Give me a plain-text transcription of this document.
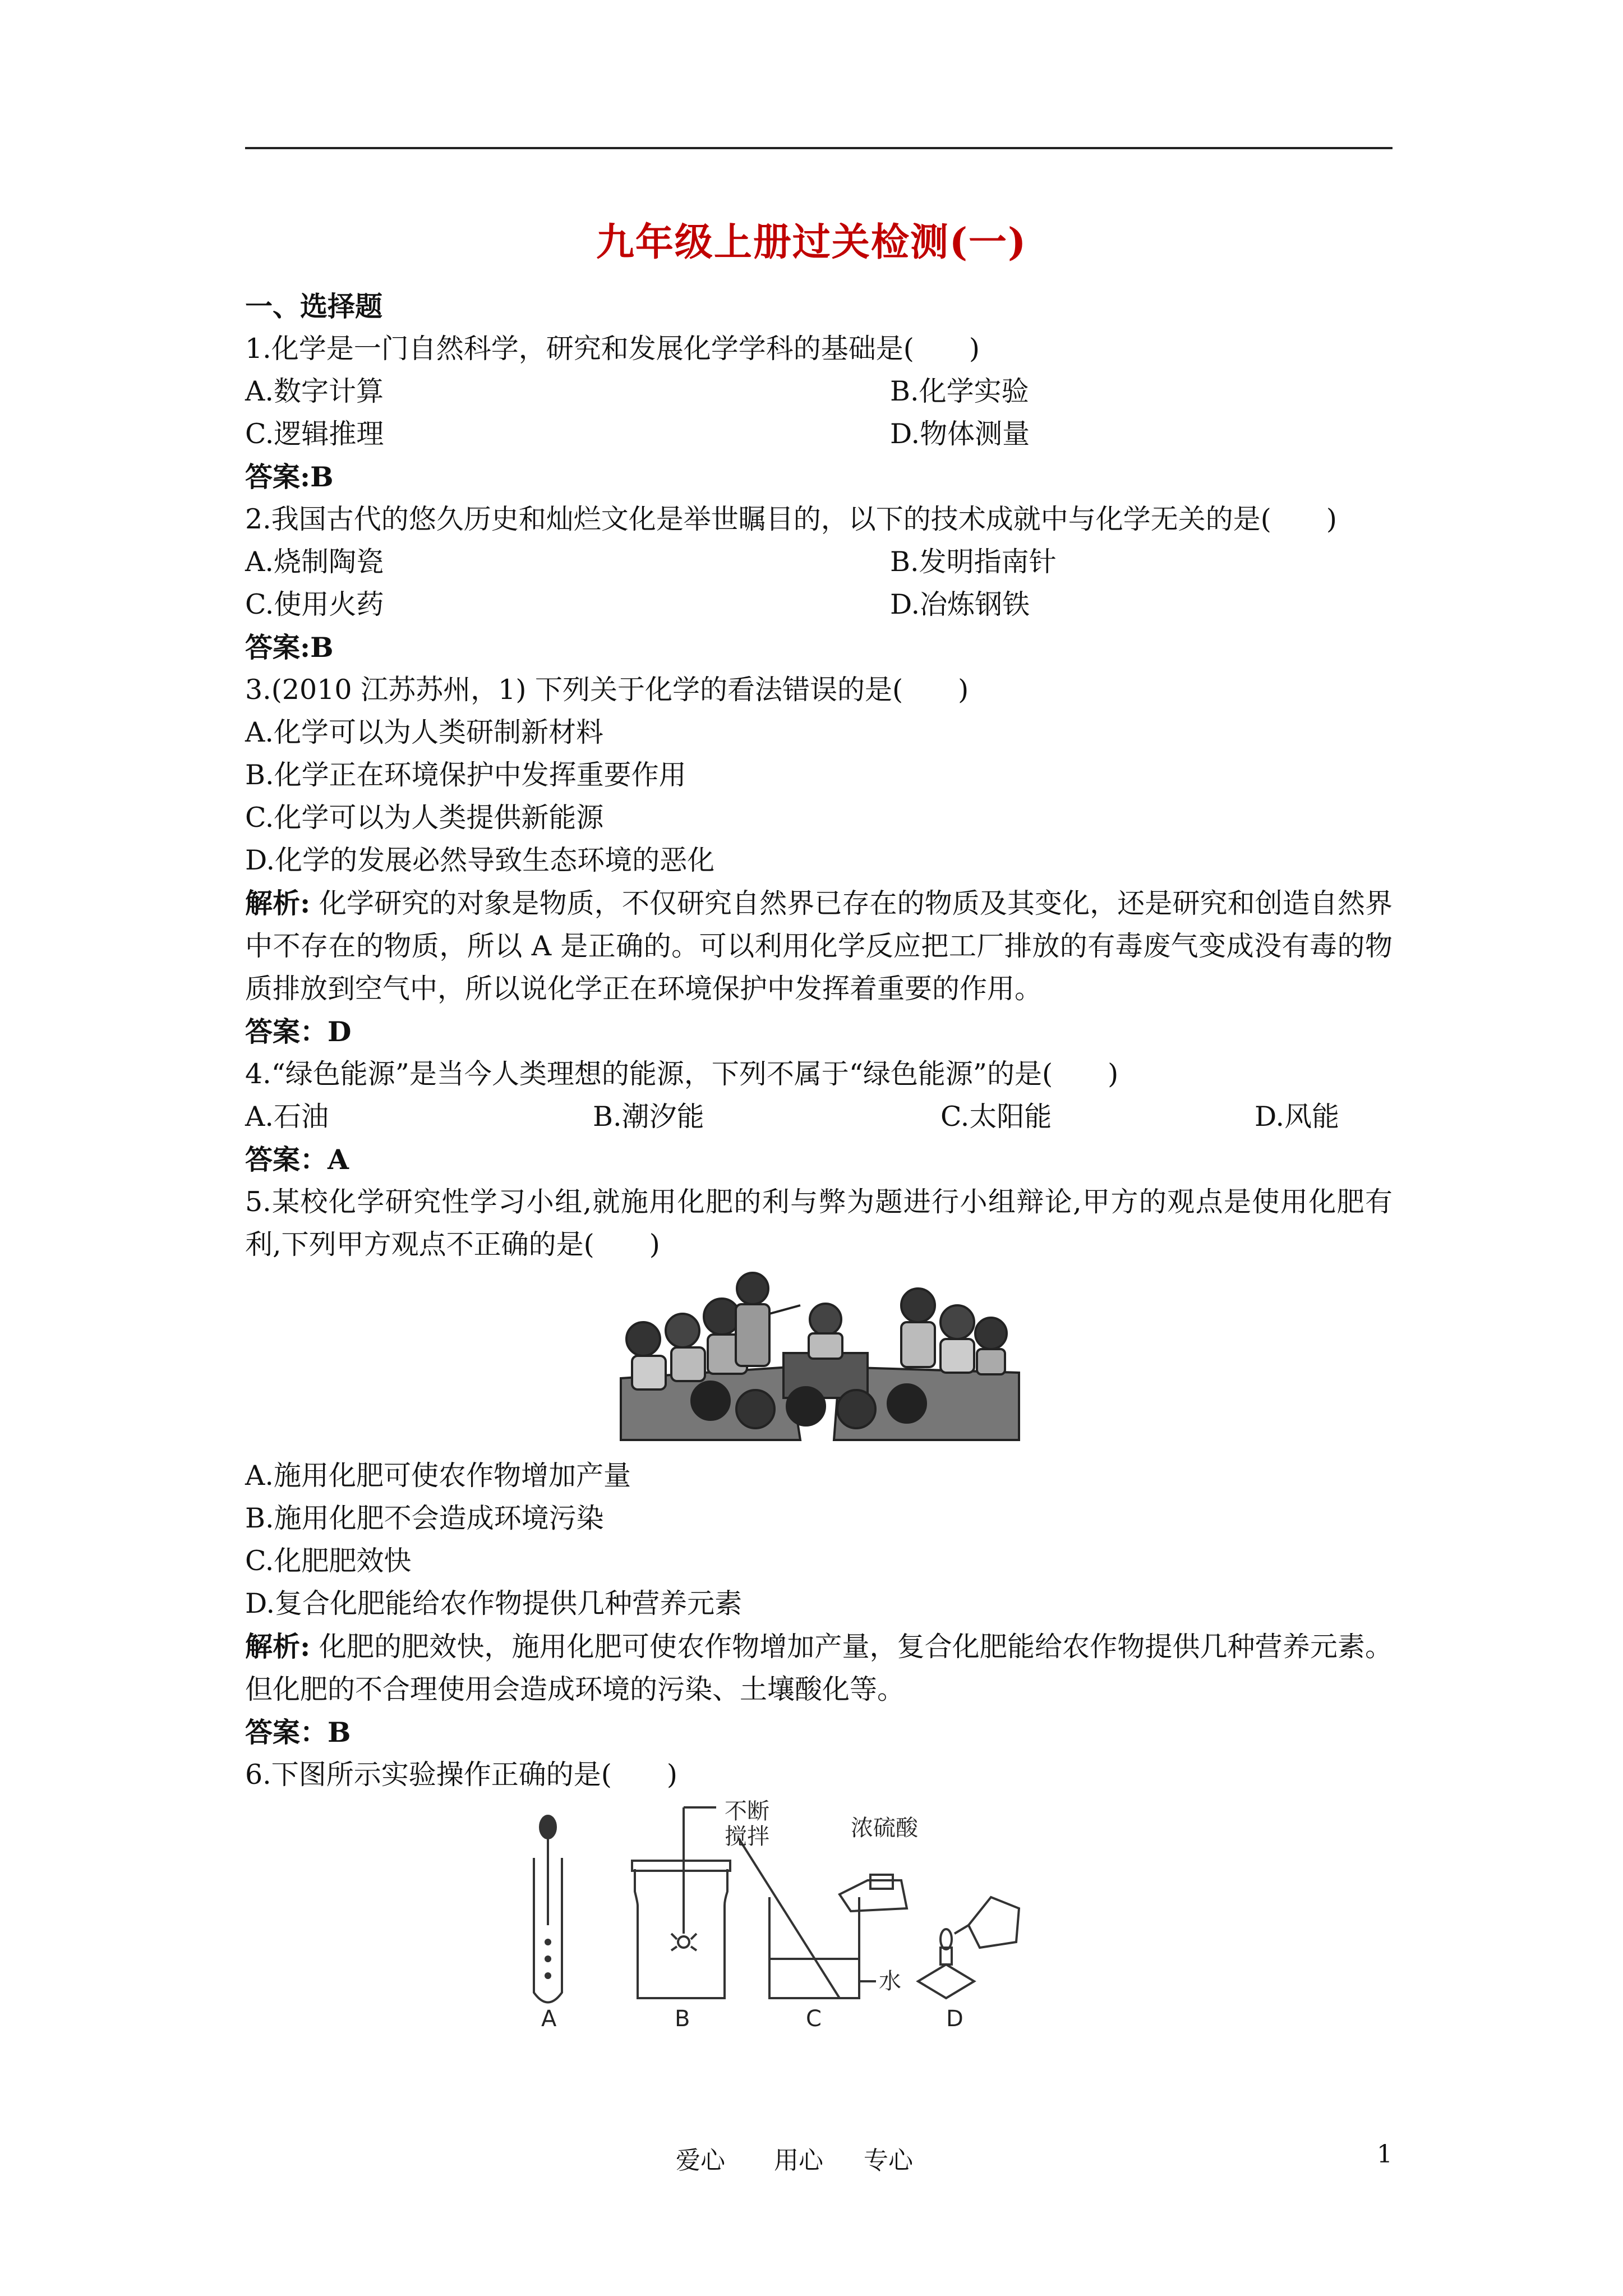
九年级上册过关检测(一)
一、选择题
1.化学是一门自然科学，研究和发展化学学科的基础是(　　)
A.数字计算	B.化学实验
C.逻辑推理	D.物体测量
答案:B
2.我国古代的悠久历史和灿烂文化是举世瞩目的，以下的技术成就中与化学无关的是(　　)
A.烧制陶瓷	B.发明指南针
C.使用火药	D.冶炼钢铁
答案:B
3.(2010 江苏苏州，1) 下列关于化学的看法错误的是(　　)
A.化学可以为人类研制新材料
B.化学正在环境保护中发挥重要作用
C.化学可以为人类提供新能源
D.化学的发展必然导致生态环境的恶化
解析: 化学研究的对象是物质，不仅研究自然界已存在的物质及其变化，还是研究和创造自然界中不存在的物质，所以 A 是正确的。可以利用化学反应把工厂排放的有毒废气变成没有毒的物质排放到空气中，所以说化学正在环境保护中发挥着重要的作用。
答案：D
4.“绿色能源”是当今人类理想的能源，下列不属于“绿色能源”的是(　　)
A.石油	B.潮汐能	C.太阳能	D.风能
答案：A
5.某校化学研究性学习小组,就施用化肥的利与弊为题进行小组辩论,甲方的观点是使用化肥有利,下列甲方观点不正确的是(　　)
A.施用化肥可使农作物增加产量
B.施用化肥不会造成环境污染
C.化肥肥效快
D.复合化肥能给农作物提供几种营养元素
解析: 化肥的肥效快，施用化肥可使农作物增加产量，复合化肥能给农作物提供几种营养元素。但化肥的不合理使用会造成环境的污染、土壤酸化等。
答案：B
6.下图所示实验操作正确的是(　　)
不断
搅拌	浓硫酸
水
A	B	C	D
爱心 用心 专心	1
